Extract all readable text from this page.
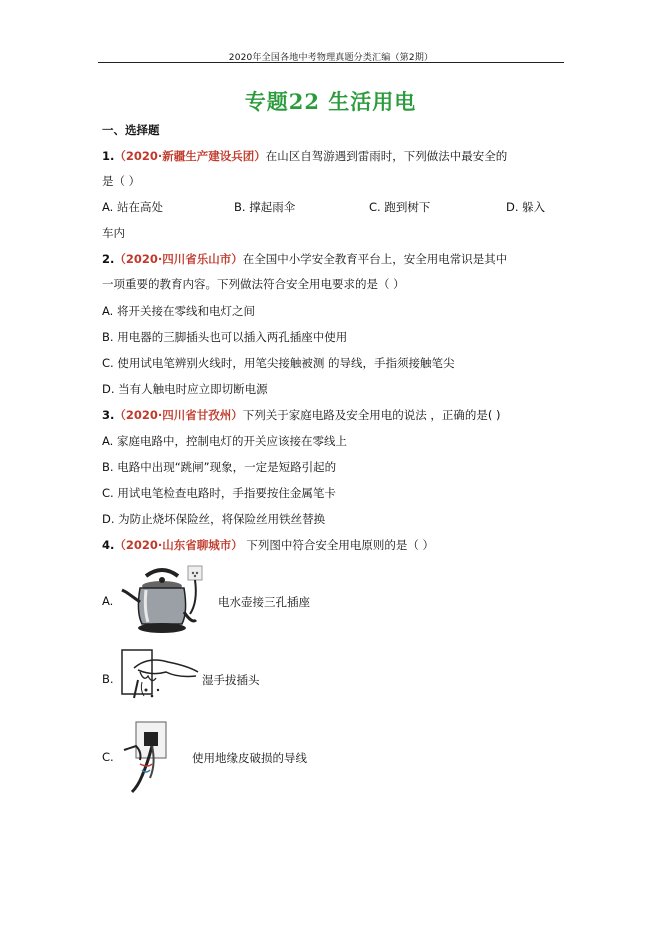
2020年全国各地中考物理真题分类汇编（第2期）
专题22 生活用电
一、选择题
1.（2020·新疆生产建设兵团）在山区自驾游遇到雷雨时，下列做法中最安全的
是（ ）
A. 站在高处	B. 撑起雨伞	C. 跑到树下	D. 躲入
车内
2.（2020·四川省乐山市）在全国中小学安全教育平台上，安全用电常识是其中
一项重要的教育内容。下列做法符合安全用电要求的是（ ）
A. 将开关接在零线和电灯之间
B. 用电器的三脚插头也可以插入两孔插座中使用
C. 使用试电笔辨别火线时，用笔尖接触被测 的导线，手指须接触笔尖
D. 当有人触电时应立即切断电源
3.（2020·四川省甘孜州）下列关于家庭电路及安全用电的说法 ，正确的是( )
A. 家庭电路中，控制电灯的开关应该接在零线上
B. 电路中出现“跳闸”现象，一定是短路引起的
C. 用试电笔检查电路时，手指要按住金属笔卡
D. 为防止烧坏保险丝，将保险丝用铁丝替换
4.（2020·山东省聊城市） 下列图中符合安全用电原则的是（ ）
A.	电水壶接三孔插座
B.	湿手拔插头
C.	使用地缘皮破损的导线
